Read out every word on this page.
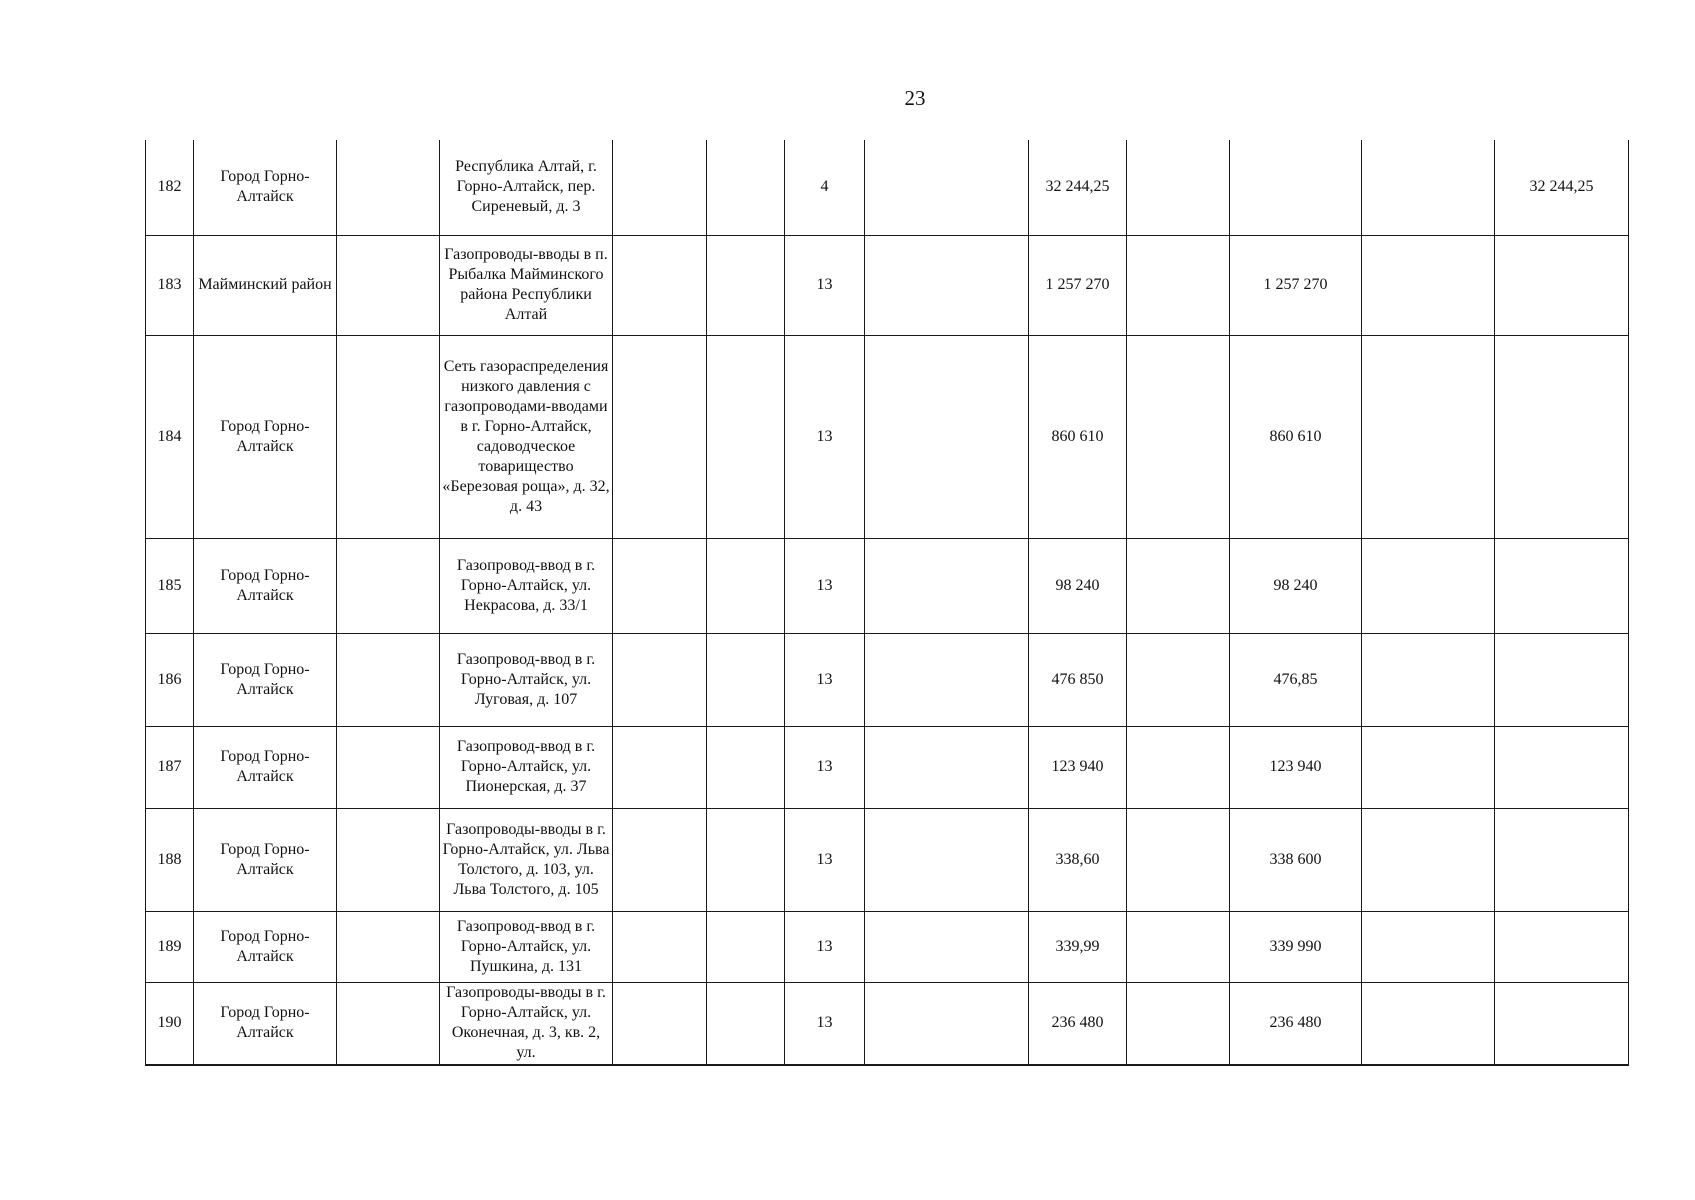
23
182	Город Горно-Алтайск		Республика Алтай, г. Горно-Алтайск, пер. Сиреневый, д. 3			4		32 244,25				32 244,25
183	Майминский район		Газопроводы-вводы в п. Рыбалка Майминского района Республики Алтай			13		1 257 270		1 257 270		
184	Город Горно-Алтайск		Сеть газораспределения низкого давления с газопроводами-вводами в г. Горно-Алтайск, садоводческое товарищество «Березовая роща», д. 32, д. 43			13		860 610		860 610		
185	Город Горно-Алтайск		Газопровод-ввод в г. Горно-Алтайск, ул. Некрасова, д. 33/1			13		98 240		98 240		
186	Город Горно-Алтайск		Газопровод-ввод в г. Горно-Алтайск, ул. Луговая, д. 107			13		476 850		476,85		
187	Город Горно-Алтайск		Газопровод-ввод в г. Горно-Алтайск, ул. Пионерская, д. 37			13		123 940		123 940		
188	Город Горно-Алтайск		Газопроводы-вводы в г. Горно-Алтайск, ул. Льва Толстого, д. 103, ул. Льва Толстого, д. 105			13		338,60		338 600		
189	Город Горно-Алтайск		Газопровод-ввод в г. Горно-Алтайск, ул. Пушкина, д. 131			13		339,99		339 990		
190	Город Горно-Алтайск		Газопроводы-вводы в г. Горно-Алтайск, ул. Оконечная, д. 3, кв. 2, ул.			13		236 480		236 480		
